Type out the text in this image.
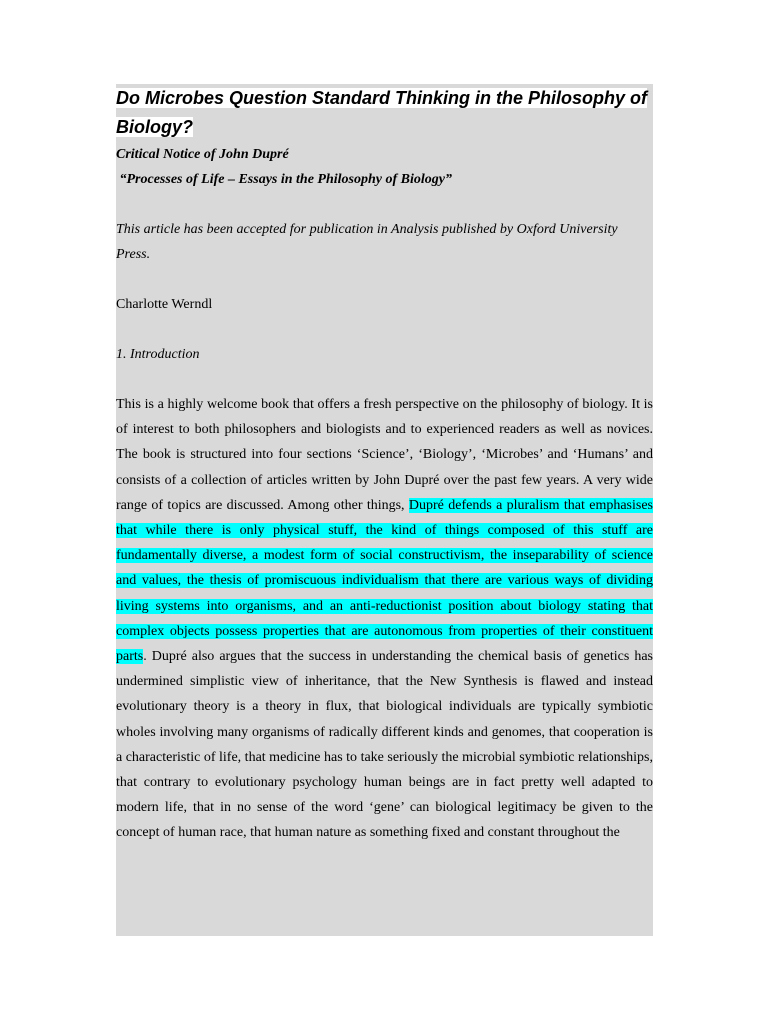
Do Microbes Question Standard Thinking in the Philosophy of Biology?

Critical Notice of John Dupré

“Processes of Life – Essays in the Philosophy of Biology”

This article has been accepted for publication in Analysis published by Oxford University Press.

Charlotte Werndl

1. Introduction

This is a highly welcome book that offers a fresh perspective on the philosophy of biology. It is of interest to both philosophers and biologists and to experienced readers as well as novices. The book is structured into four sections ‘Science’, ‘Biology’, ‘Microbes’ and ‘Humans’ and consists of a collection of articles written by John Dupré over the past few years. A very wide range of topics are discussed. Among other things, Dupré defends a pluralism that emphasises that while there is only physical stuff, the kind of things composed of this stuff are fundamentally diverse, a modest form of social constructivism, the inseparability of science and values, the thesis of promiscuous individualism that there are various ways of dividing living systems into organisms, and an anti-reductionist position about biology stating that complex objects possess properties that are autonomous from properties of their constituent parts. Dupré also argues that the success in understanding the chemical basis of genetics has undermined simplistic view of inheritance, that the New Synthesis is flawed and instead evolutionary theory is a theory in flux, that biological individuals are typically symbiotic wholes involving many organisms of radically different kinds and genomes, that cooperation is a characteristic of life, that medicine has to take seriously the microbial symbiotic relationships, that contrary to evolutionary psychology human beings are in fact pretty well adapted to modern life, that in no sense of the word ‘gene’ can biological legitimacy be given to the concept of human race, that human nature as something fixed and constant throughout the
